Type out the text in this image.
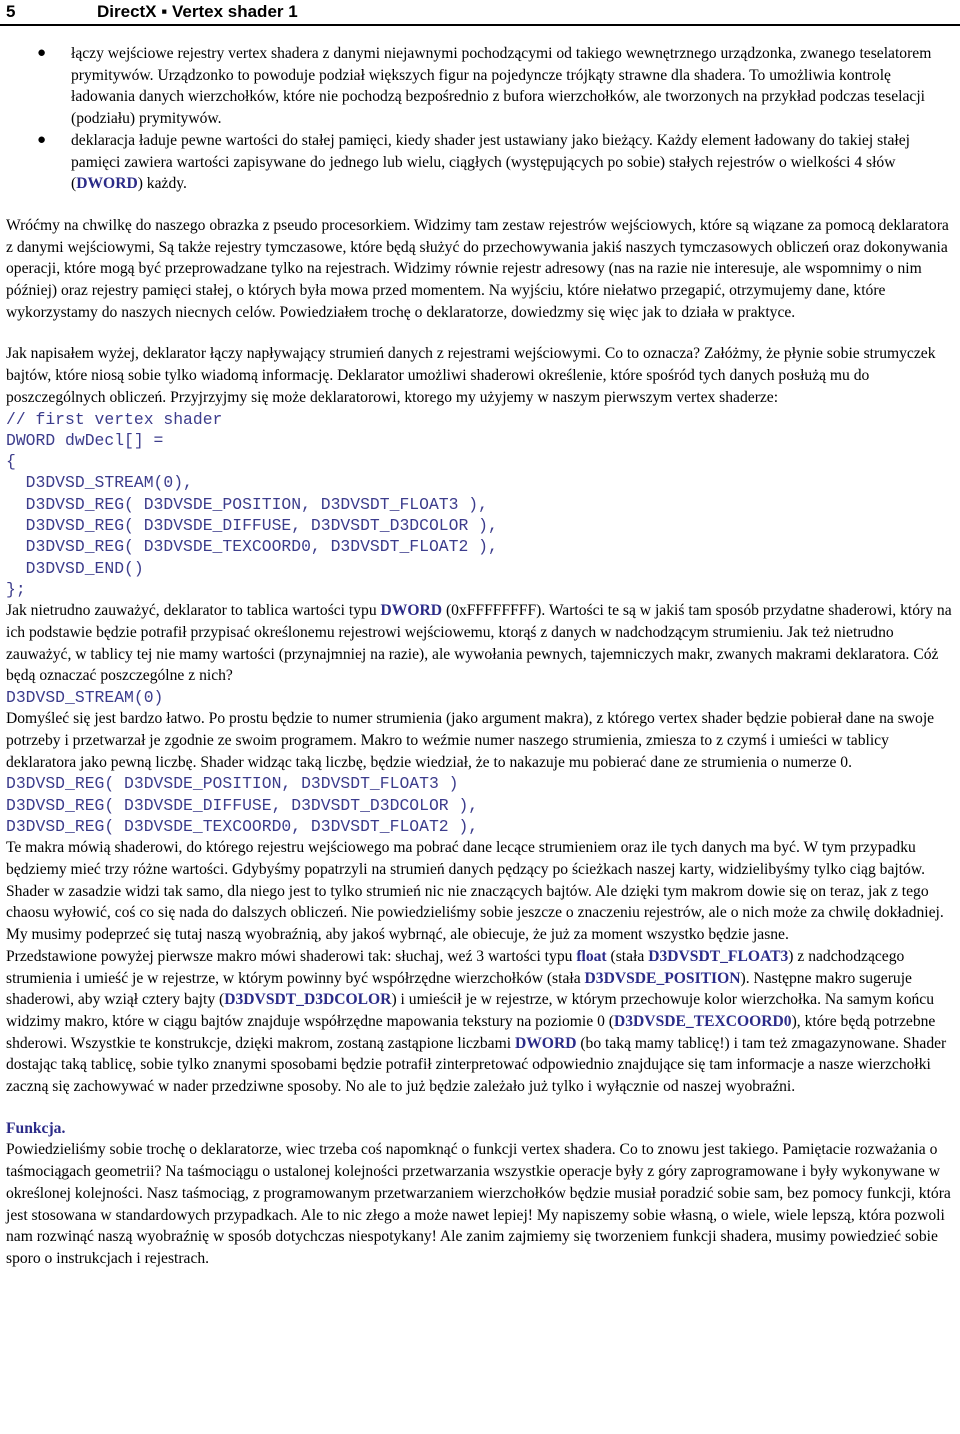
5	DirectX ▪ Vertex shader 1
● łączy wejściowe rejestry vertex shadera z danymi niejawnymi pochodzącymi od takiego wewnętrznego urządzonka, zwanego teselatorem prymitywów. Urządzonko to powoduje podział większych figur na pojedyncze trójkąty strawne dla shadera. To umożliwia kontrolę ładowania danych wierzchołków, które nie pochodzą bezpośrednio z bufora wierzchołków, ale tworzonych na przykład podczas teselacji (podziału) prymitywów.
● deklaracja ładuje pewne wartości do stałej pamięci, kiedy shader jest ustawiany jako bieżący. Każdy element ładowany do takiej stałej pamięci zawiera wartości zapisywane do jednego lub wielu, ciągłych (występujących po sobie) stałych rejestrów o wielkości 4 słów (DWORD) każdy.

Wróćmy na chwilkę do naszego obrazka z pseudo procesorkiem. Widzimy tam zestaw rejestrów wejściowych, które są wiązane za pomocą deklaratora z danymi wejściowymi, Są także rejestry tymczasowe, które będą służyć do przechowywania jakiś naszych tymczasowych obliczeń oraz dokonywania operacji, które mogą być przeprowadzane tylko na rejestrach. Widzimy równie rejestr adresowy (nas na razie nie interesuje, ale wspomnimy o nim później) oraz rejestry pamięci stałej, o których była mowa przed momentem. Na wyjściu, które niełatwo przegapić, otrzymujemy dane, które wykorzystamy do naszych niecnych celów. Powiedziałem trochę o deklaratorze, dowiedzmy się więc jak to działa w praktyce.

Jak napisałem wyżej, deklarator łączy napływający strumień danych z rejestrami wejściowymi. Co to oznacza? Załóżmy, że płynie sobie strumyczek bajtów, które niosą sobie tylko wiadomą informację. Deklarator umożliwi shaderowi określenie, które spośród tych danych posłużą mu do poszczególnych obliczeń. Przyjrzyjmy się może deklaratorowi, ktorego my użyjemy w naszym pierwszym vertex shaderze:

// first vertex shader
DWORD dwDecl[] =
{
D3DVSD_STREAM(0),
D3DVSD_REG( D3DVSDE_POSITION, D3DVSDT_FLOAT3 ),
D3DVSD_REG( D3DVSDE_DIFFUSE, D3DVSDT_D3DCOLOR ),
D3DVSD_REG( D3DVSDE_TEXCOORD0, D3DVSDT_FLOAT2 ),
D3DVSD_END()
};

Jak nietrudno zauważyć, deklarator to tablica wartości typu DWORD (0xFFFFFFFF). Wartości te są w jakiś tam sposób przydatne shaderowi, który na ich podstawie będzie potrafił przypisać określonemu rejestrowi wejściowemu, ktorąś z danych w nadchodzącym strumieniu. Jak też nietrudno zauważyć, w tablicy tej nie mamy wartości (przynajmniej na razie), ale wywołania pewnych, tajemniczych makr, zwanych makrami deklaratora. Cóż będą oznaczać poszczególne z nich?

D3DVSD_STREAM(0)

Domyśleć się jest bardzo łatwo. Po prostu będzie to numer strumienia (jako argument makra), z którego vertex shader będzie pobierał dane na swoje potrzeby i przetwarzał je zgodnie ze swoim programem. Makro to weźmie numer naszego strumienia, zmiesza to z czymś i umieści w tablicy deklaratora jako pewną liczbę. Shader widząc taką liczbę, będzie wiedział, że to nakazuje mu pobierać dane ze strumienia o numerze 0.

D3DVSD_REG( D3DVSDE_POSITION, D3DVSDT_FLOAT3 )
D3DVSD_REG( D3DVSDE_DIFFUSE, D3DVSDT_D3DCOLOR ),
D3DVSD_REG( D3DVSDE_TEXCOORD0, D3DVSDT_FLOAT2 ),

Te makra mówią shaderowi, do którego rejestru wejściowego ma pobrać dane lecące strumieniem oraz ile tych danych ma być. W tym przypadku będziemy mieć trzy różne wartości. Gdybyśmy popatrzyli na strumień danych pędzący po ścieżkach naszej karty, widzielibyśmy tylko ciąg bajtów. Shader w zasadzie widzi tak samo, dla niego jest to tylko strumień nic nie znaczących bajtów. Ale dzięki tym makrom dowie się on teraz, jak z tego chaosu wyłowić, coś co się nada do dalszych obliczeń. Nie powiedzieliśmy sobie jeszcze o znaczeniu rejestrów, ale o nich może za chwilę dokładniej. My musimy podeprzeć się tutaj naszą wyobraźnią, aby jakoś wybrnąć, ale obiecuje, że już za moment wszystko będzie jasne.

Przedstawione powyżej pierwsze makro mówi shaderowi tak: słuchaj, weź 3 wartości typu float (stała D3DVSDT_FLOAT3) z nadchodzącego strumienia i umieść je w rejestrze, w którym powinny być współrzędne wierzchołków (stała D3DVSDE_POSITION). Następne makro sugeruje shaderowi, aby wziął cztery bajty (D3DVSDT_D3DCOLOR) i umieścił je w rejestrze, w którym przechowuje kolor wierzchołka. Na samym końcu widzimy makro, które w ciągu bajtów znajduje współrzędne mapowania tekstury na poziomie 0 (D3DVSDE_TEXCOORD0), które będą potrzebne shderowi. Wszystkie te konstrukcje, dzięki makrom, zostaną zastąpione liczbami DWORD (bo taką mamy tablicę!) i tam też zmagazynowane. Shader dostając taką tablicę, sobie tylko znanymi sposobami będzie potrafił zinterpretować odpowiednio znajdujące się tam informacje a nasze wierzchołki zaczną się zachowywać w nader przedziwne sposoby. No ale to już będzie zależało już tylko i wyłącznie od naszej wyobraźni.

Funkcja.

Powiedzieliśmy sobie trochę o deklaratorze, wiec trzeba coś napomknąć o funkcji vertex shadera. Co to znowu jest takiego. Pamiętacie rozważania o taśmociągach geometrii? Na taśmociągu o ustalonej kolejności przetwarzania wszystkie operacje były z góry zaprogramowane i były wykonywane w określonej kolejności. Nasz taśmociąg, z programowanym przetwarzaniem wierzchołków będzie musiał poradzić sobie sam, bez pomocy funkcji, która jest stosowana w standardowych przypadkach. Ale to nic złego a może nawet lepiej! My napiszemy sobie własną, o wiele, wiele lepszą, która pozwoli nam rozwinąć naszą wyobraźnię w sposób dotychczas niespotykany! Ale zanim zajmiemy się tworzeniem funkcji shadera, musimy powiedzieć sobie sporo o instrukcjach i rejestrach.
